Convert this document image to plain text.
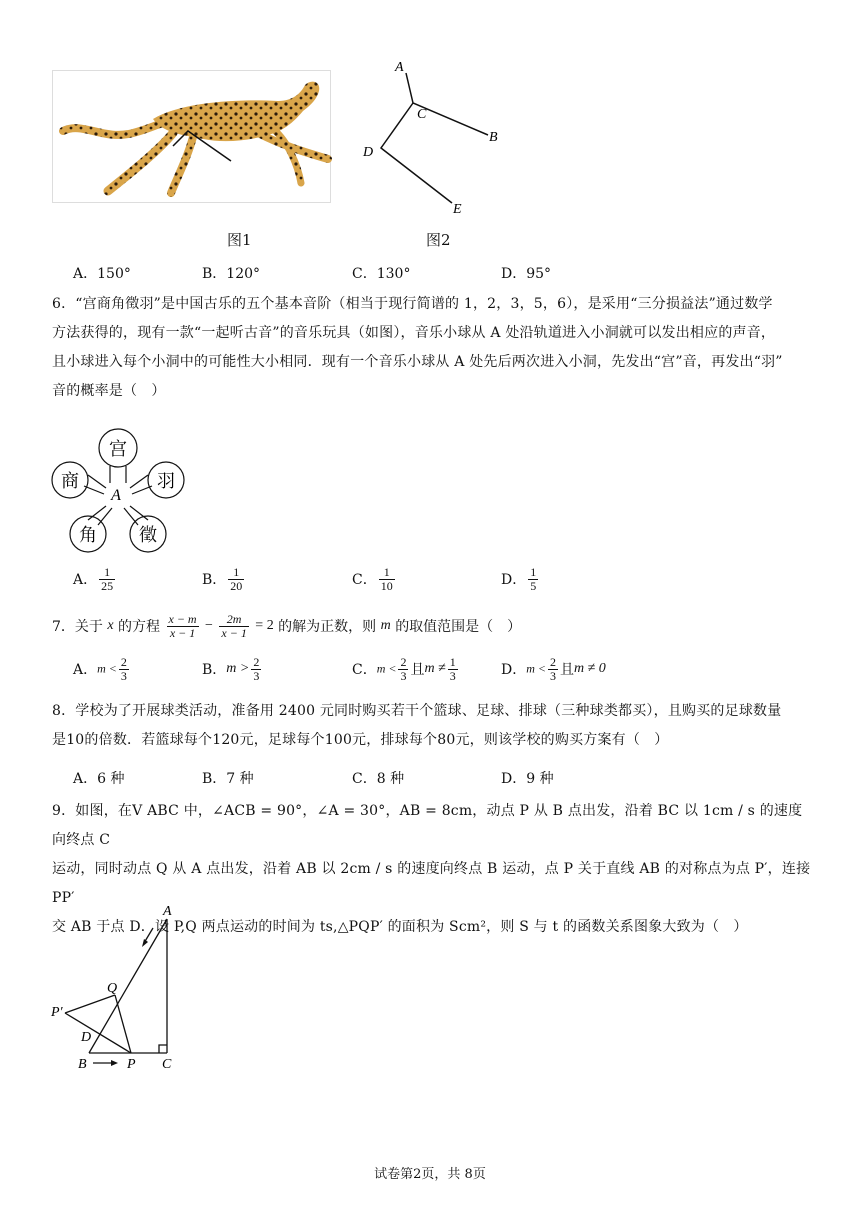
图1
A
C
B
D
E
图2
A．150°	B．120°	C．130°	D．95°
6．“宫商角徵羽”是中国古乐的五个基本音阶（相当于现行简谱的 1，2，3，5，6），是采用“三分损益法”通过数学
方法获得的，现有一款“一起听古音”的音乐玩具（如图），音乐小球从 A 处沿轨道进入小洞就可以发出相应的声音，
且小球进入每个小洞中的可能性大小相同．现有一个音乐小球从 A 处先后两次进入小洞，先发出“宫”音，再发出“羽”
音的概率是（　）
宫
羽
徵
角
商
A
A． $\frac{1}{25}$	B． $\frac{1}{20}$	C． $\frac{1}{10}$	D． $\frac{1}{5}$
7．关于 x 的方程 $\frac{x - m}{x - 1} - \frac{2m}{x - 1} = 2$ 的解为正数，则 m 的取值范围是（　）
A．$m < \frac{2}{3}$	B．$m > \frac{2}{3}$	C．$m < \frac{2}{3}$ 且$m \ne \frac{1}{3}$	D．$m < \frac{2}{3}$ 且m ≠ 0
8．学校为了开展球类活动，准备用 2400 元同时购买若干个篮球、足球、排球（三种球类都买），且购买的足球数量
是10的倍数．若篮球每个120元，足球每个100元，排球每个80元，则该学校的购买方案有（　）
A．6 种	B．7 种	C．8 种	D．9 种
9．如图，在V ABC 中，∠ACB = 90°，∠A = 30°，AB = 8cm，动点 P 从 B 点出发，沿着 BC 以 1cm / s 的速度向终点 C
运动，同时动点 Q 从 A 点出发，沿着 AB 以 2cm / s 的速度向终点 B 运动，点 P 关于直线 AB 的对称点为点 P′，连接 PP′
交 AB 于点 D．设 P,Q 两点运动的时间为 ts,△PQP′ 的面积为 Scm²，则 S 与 t 的函数关系图象大致为（　）
A
Q
P′
D
B	P C
试卷第2页，共 8页
